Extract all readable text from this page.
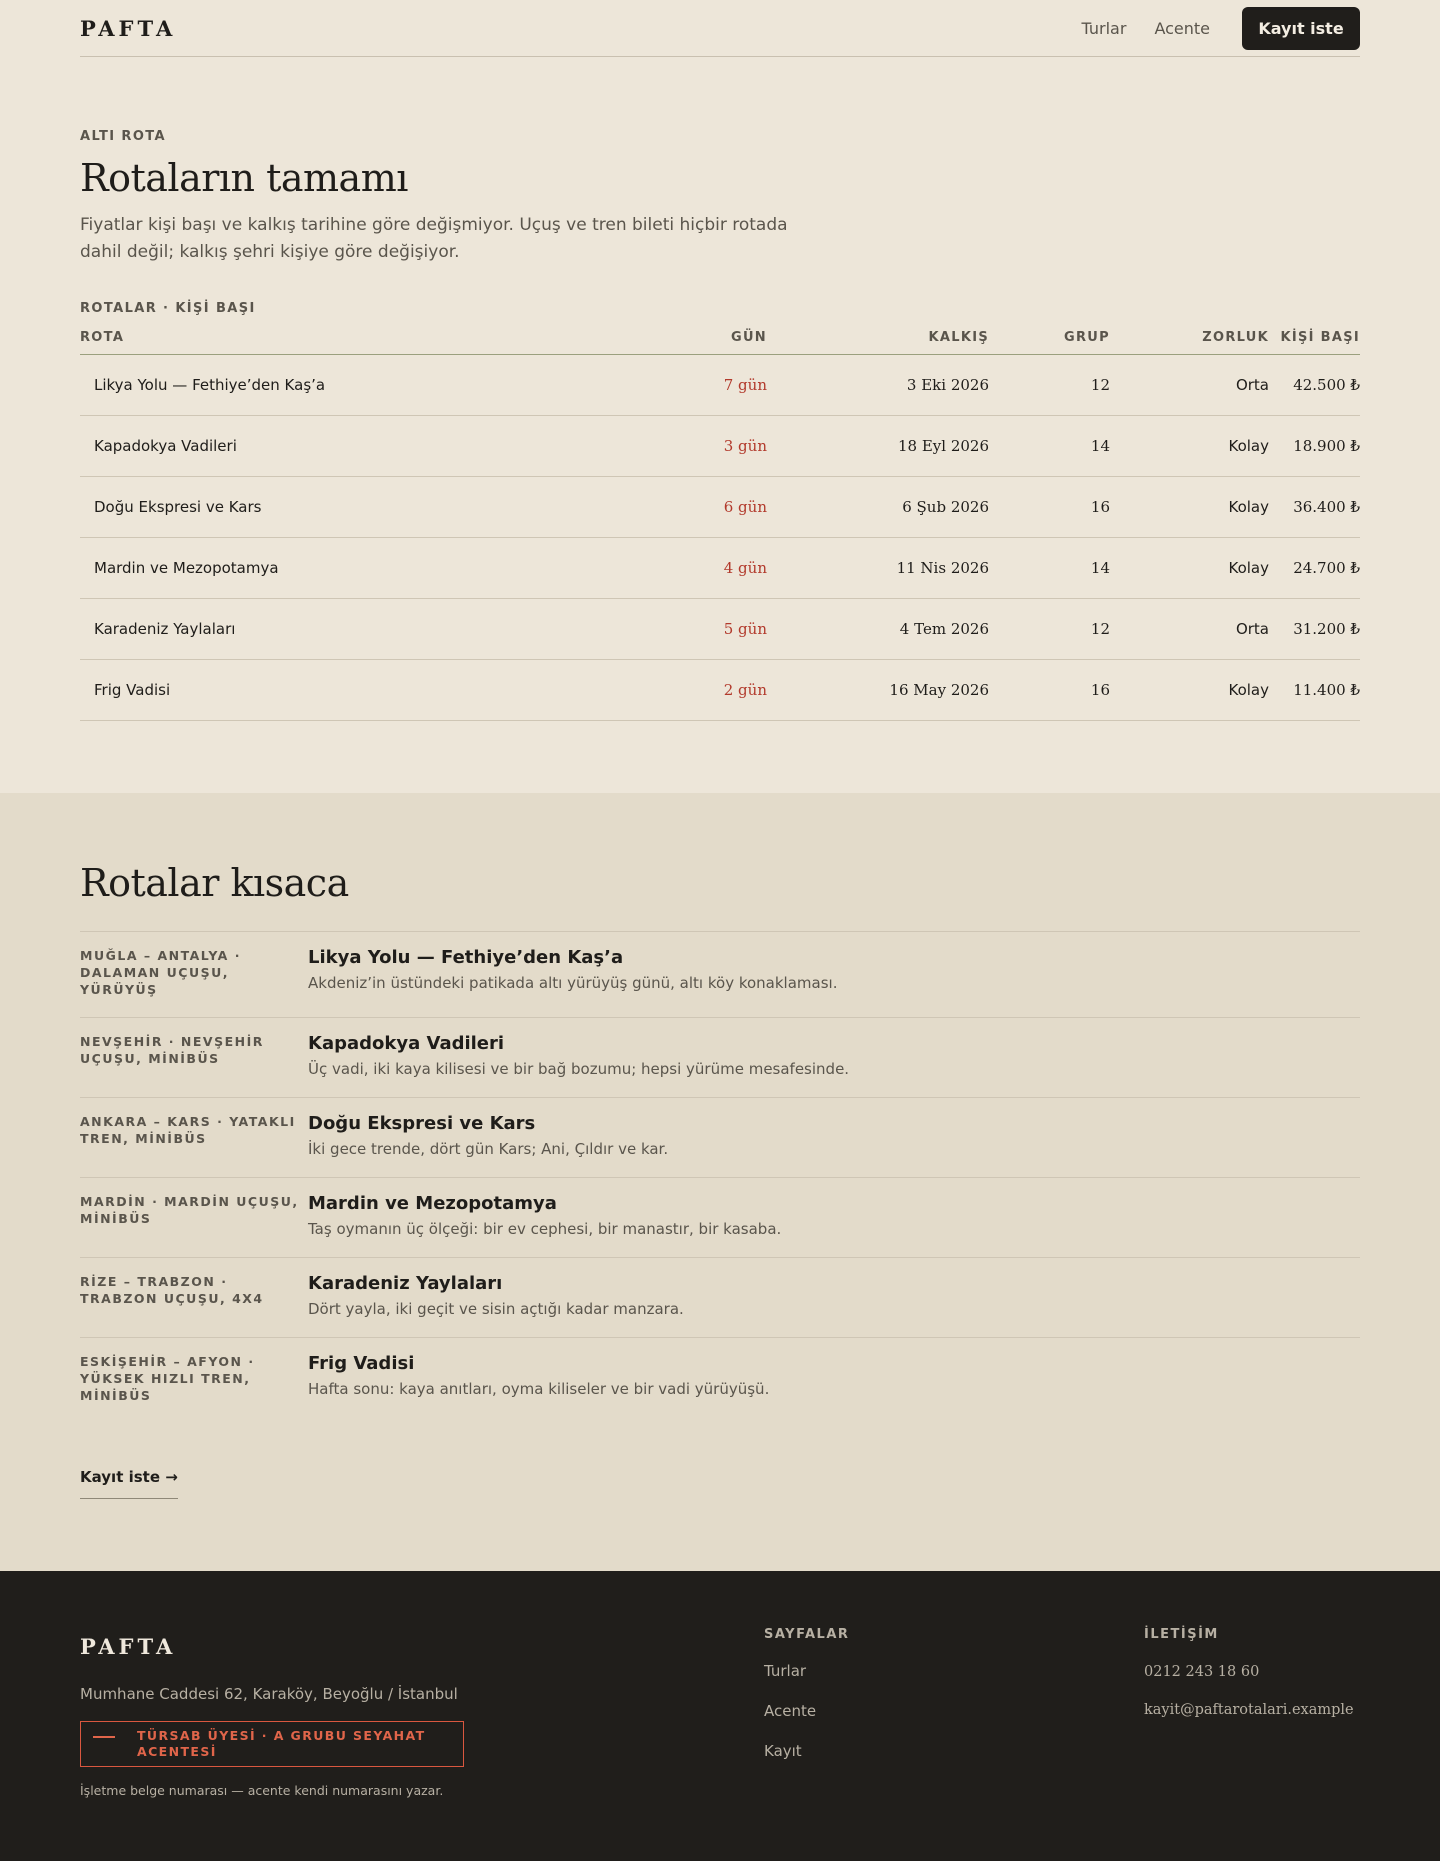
PAFTA	Turlar Acente	Kayıt iste
ALTI ROTA
Rotaların tamamı

Fiyatlar kişi başı ve kalkış tarihine göre değişmiyor. Uçuş ve tren bileti hiçbir rotada dahil değil; kalkış şehri kişiye göre değişiyor.

ROTALAR · KİŞİ BAŞI
ROTA	GÜN	KALKIŞ	GRUP	ZORLUK	KİŞİ BAŞI
Likya Yolu — Fethiye’den Kaş’a	7 gün	3 Eki 2026	12	Orta	42.500 ₺
Kapadokya Vadileri	3 gün	18 Eyl 2026	14	Kolay	18.900 ₺
Doğu Ekspresi ve Kars	6 gün	6 Şub 2026	16	Kolay	36.400 ₺
Mardin ve Mezopotamya	4 gün	11 Nis 2026	14	Kolay	24.700 ₺
Karadeniz Yaylaları	5 gün	4 Tem 2026	12	Orta	31.200 ₺
Frig Vadisi	2 gün	16 May 2026	16	Kolay	11.400 ₺
Rotalar kısaca
MUĞLA – ANTALYA · DALAMAN UÇUŞU, YÜRÜYÜŞ
Likya Yolu — Fethiye’den Kaş’a
Akdeniz’in üstündeki patikada altı yürüyüş günü, altı köy konaklaması.
NEVŞEHİR · NEVŞEHİR UÇUŞU, MİNİBÜS
Kapadokya Vadileri
Üç vadi, iki kaya kilisesi ve bir bağ bozumu; hepsi yürüme mesafesinde.
ANKARA – KARS · YATAKLI TREN, MİNİBÜS
Doğu Ekspresi ve Kars
İki gece trende, dört gün Kars; Ani, Çıldır ve kar.
MARDİN · MARDİN UÇUŞU, MİNİBÜS
Mardin ve Mezopotamya
Taş oymanın üç ölçeği: bir ev cephesi, bir manastır, bir kasaba.
RİZE – TRABZON · TRABZON UÇUŞU, 4X4
Karadeniz Yaylaları
Dört yayla, iki geçit ve sisin açtığı kadar manzara.
ESKİŞEHİR – AFYON · YÜKSEK HIZLI TREN, MİNİBÜS
Frig Vadisi
Hafta sonu: kaya anıtları, oyma kiliseler ve bir vadi yürüyüşü.
Kayıt iste →
PAFTA
Mumhane Caddesi 62, Karaköy, Beyoğlu / İstanbul
TÜRSAB ÜYESİ · A GRUBU SEYAHAT ACENTESİ
İşletme belge numarası — acente kendi numarasını yazar.
SAYFALAR
Turlar
Acente
Kayıt
İLETİŞİM
0212 243 18 60
kayit@paftarotalari.example
